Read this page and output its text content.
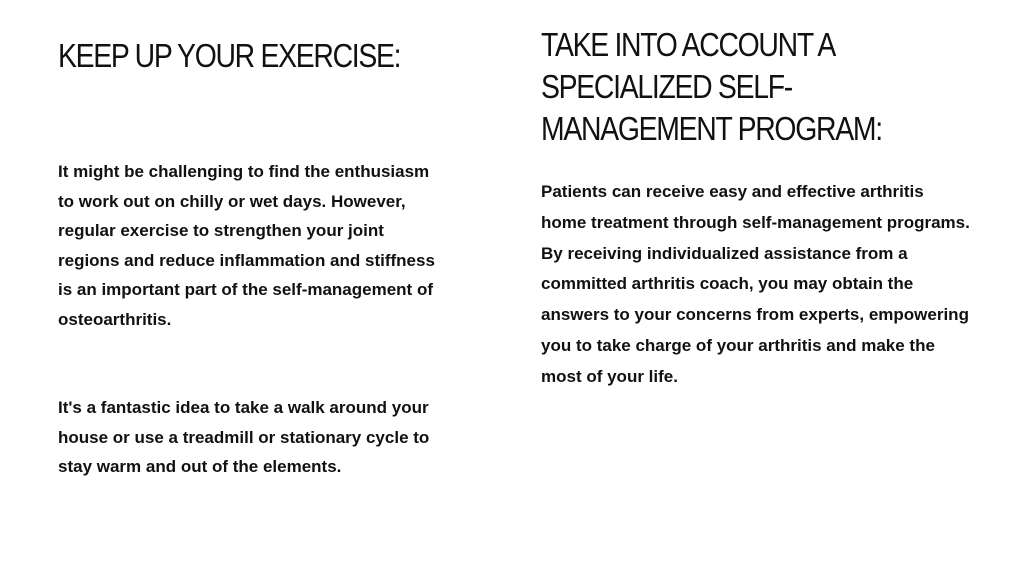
KEEP UP YOUR EXERCISE:

It might be challenging to find the enthusiasm to work out on chilly or wet days. However, regular exercise to strengthen your joint regions and reduce inflammation and stiffness is an important part of the self-management of osteoarthritis.

It's a fantastic idea to take a walk around your house or use a treadmill or stationary cycle to stay warm and out of the elements.

TAKE INTO ACCOUNT A SPECIALIZED SELF-MANAGEMENT PROGRAM:

Patients can receive easy and effective arthritis home treatment through self-management programs. By receiving individualized assistance from a committed arthritis coach, you may obtain the answers to your concerns from experts, empowering you to take charge of your arthritis and make the most of your life.
